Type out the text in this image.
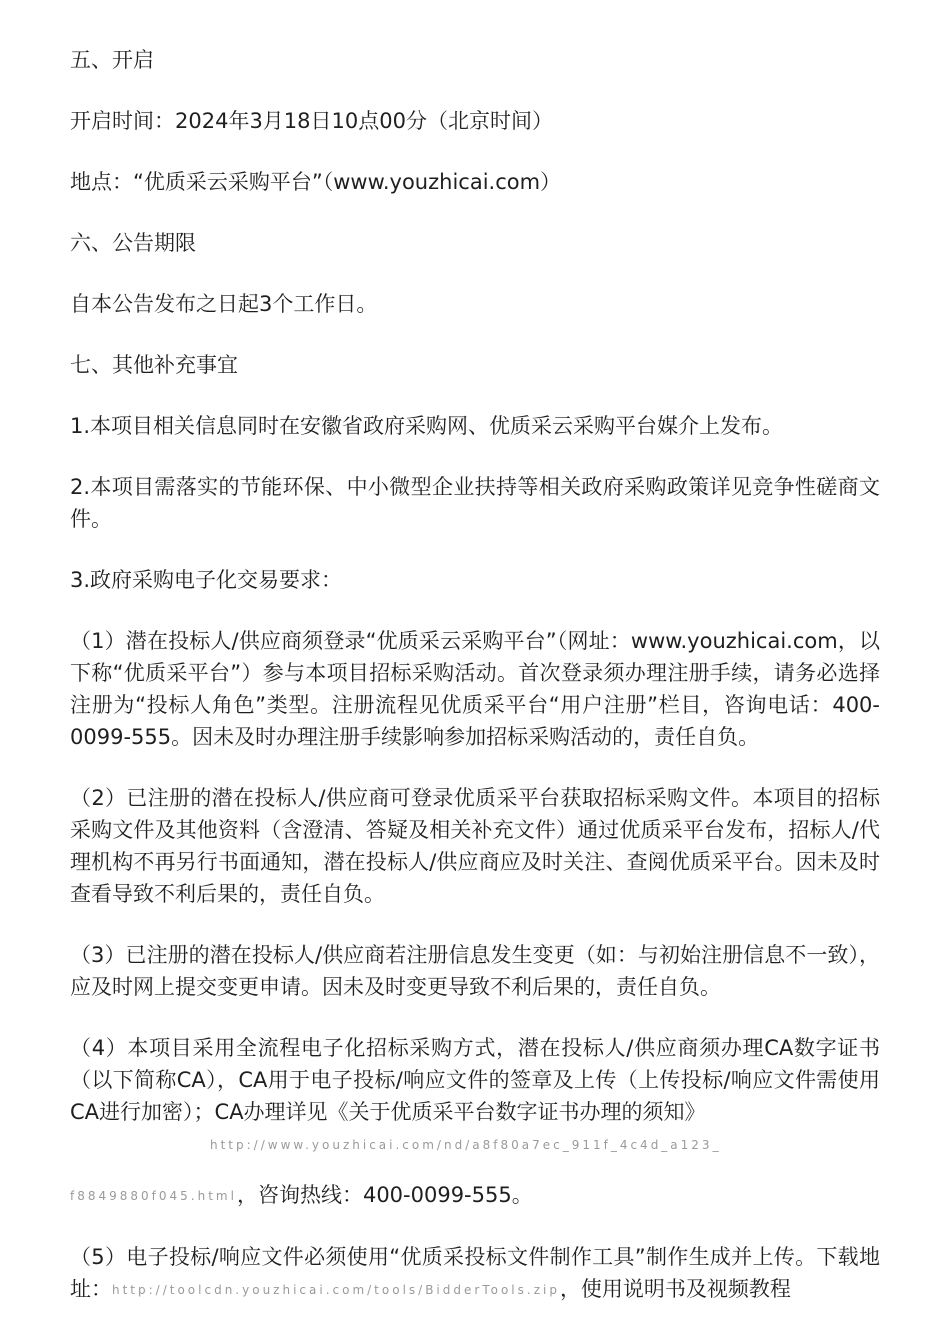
五、开启

开启时间：2024年3月18日10点00分（北京时间）

地点：“优质采云采购平台”（www.youzhicai.com）

六、公告期限

自本公告发布之日起3个工作日。

七、其他补充事宜

1.本项目相关信息同时在安徽省政府采购网、优质采云采购平台媒介上发布。

2.本项目需落实的节能环保、中小微型企业扶持等相关政府采购政策详见竞争性磋商文件。

3.政府采购电子化交易要求：

（1）潜在投标人/供应商须登录“优质采云采购平台”（网址：www.youzhicai.com，以下称“优质采平台”）参与本项目招标采购活动。首次登录须办理注册手续，请务必选择注册为“投标人角色”类型。注册流程见优质采平台“用户注册”栏目，咨询电话：400-0099-555。因未及时办理注册手续影响参加招标采购活动的，责任自负。

（2）已注册的潜在投标人/供应商可登录优质采平台获取招标采购文件。本项目的招标采购文件及其他资料（含澄清、答疑及相关补充文件）通过优质采平台发布，招标人/代理机构不再另行书面通知，潜在投标人/供应商应及时关注、查阅优质采平台。因未及时查看导致不利后果的，责任自负。

（3）已注册的潜在投标人/供应商若注册信息发生变更（如：与初始注册信息不一致），应及时网上提交变更申请。因未及时变更导致不利后果的，责任自负。

（4）本项目采用全流程电子化招标采购方式，潜在投标人/供应商须办理CA数字证书（以下简称CA），CA用于电子投标/响应文件的签章及上传（上传投标/响应文件需使用CA进行加密）；CA办理详见《关于优质采平台数字证书办理的须知》
http://www.youzhicai.com/nd/a8f80a7ec_911f_4c4d_a123_

f8849880f045.html，咨询热线：400-0099-555。

（5）电子投标/响应文件必须使用“优质采投标文件制作工具”制作生成并上传。下载地址：http://toolcdn.youzhicai.com/tools/BidderTools.zip，使用说明书及视频教程
